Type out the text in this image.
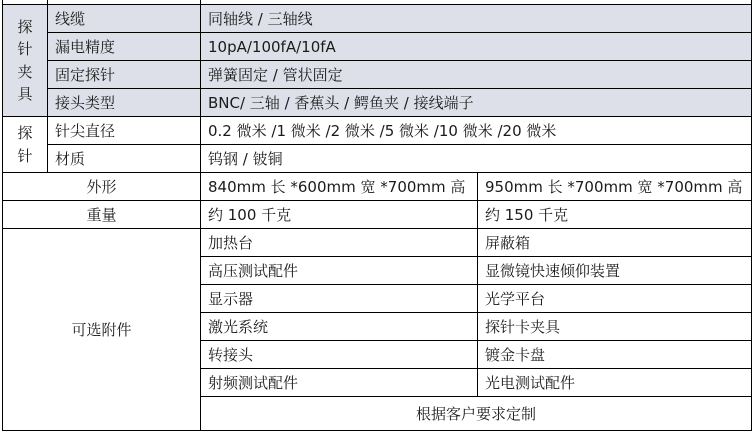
探针夹具	线缆	同轴线 / 三轴线	
	漏电精度	10pA/100fA/10fA	
	固定探针	弹簧固定 / 管状固定	
	接头类型	BNC/ 三轴 / 香蕉头 / 鳄鱼夹 / 接线端子	
探针	针尖直径	0.2 微米 /1 微米 /2 微米 /5 微米 /10 微米 /20 微米	
	材质	钨钢 / 铍铜	
外形		840mm 长 *600mm 宽 *700mm 高	950mm 长 *700mm 宽 *700mm 高
重量		约 100 千克	约 150 千克
可选附件		加热台	屏蔽箱
		高压测试配件	显微镜快速倾仰装置
		显示器	光学平台
		激光系统	探针卡夹具
		转接头	镀金卡盘
		射频测试配件	光电测试配件
		根据客户要求定制	
